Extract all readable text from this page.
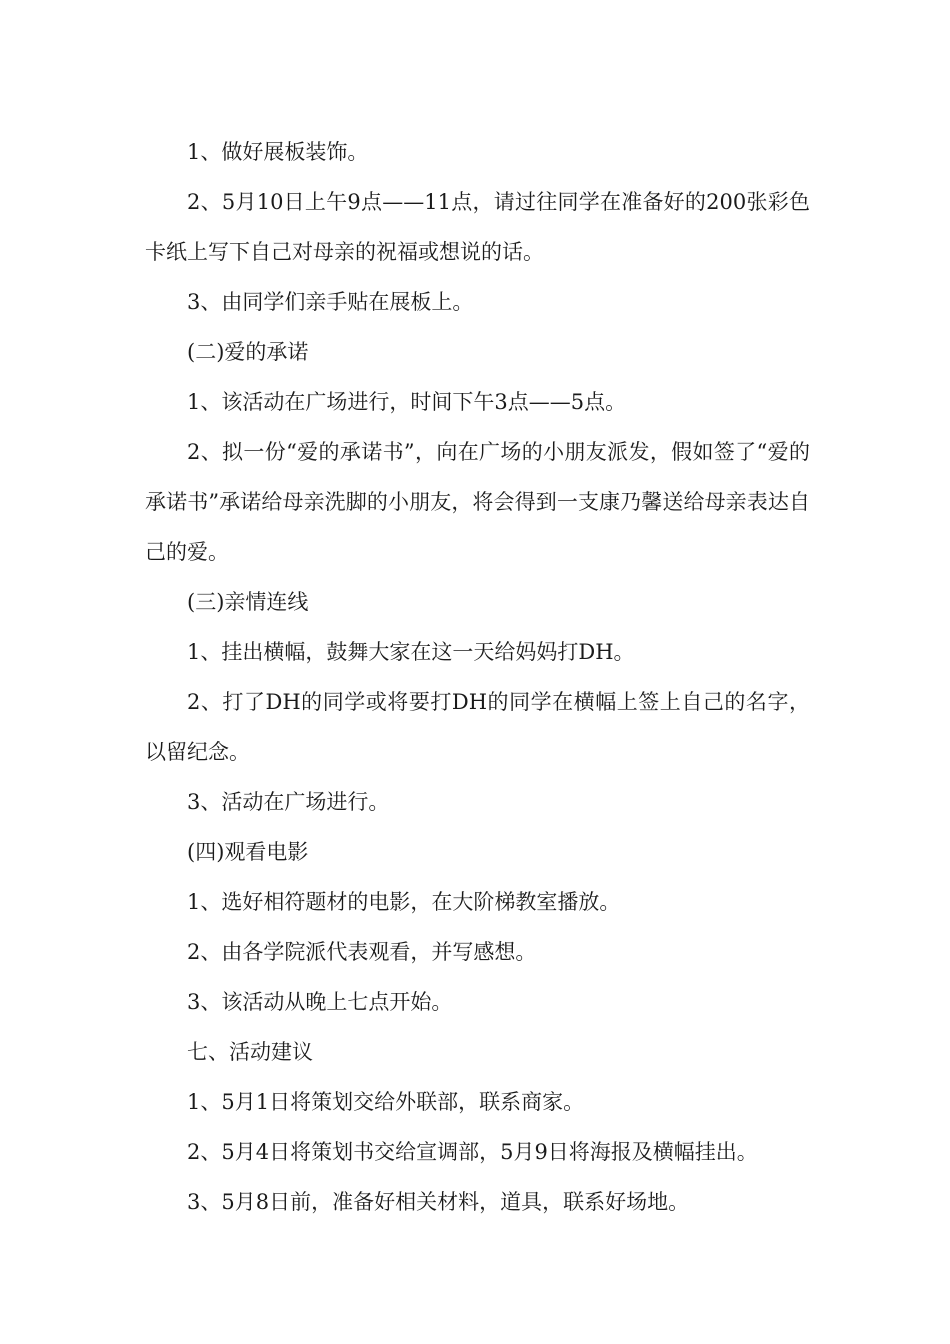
1、做好展板装饰。

2、5月10日上午9点——11点，请过往同学在准备好的200张彩色卡纸上写下自己对母亲的祝福或想说的话。

3、由同学们亲手贴在展板上。

(二)爱的承诺

1、该活动在广场进行，时间下午3点——5点。

2、拟一份“爱的承诺书”，向在广场的小朋友派发，假如签了“爱的承诺书”承诺给母亲洗脚的小朋友，将会得到一支康乃馨送给母亲表达自己的爱。

(三)亲情连线

1、挂出横幅，鼓舞大家在这一天给妈妈打DH。

2、打了DH的同学或将要打DH的同学在横幅上签上自己的名字，以留纪念。

3、活动在广场进行。

(四)观看电影

1、选好相符题材的电影，在大阶梯教室播放。

2、由各学院派代表观看，并写感想。

3、该活动从晚上七点开始。

七、活动建议

1、5月1日将策划交给外联部，联系商家。

2、5月4日将策划书交给宣调部，5月9日将海报及横幅挂出。

3、5月8日前，准备好相关材料，道具，联系好场地。
